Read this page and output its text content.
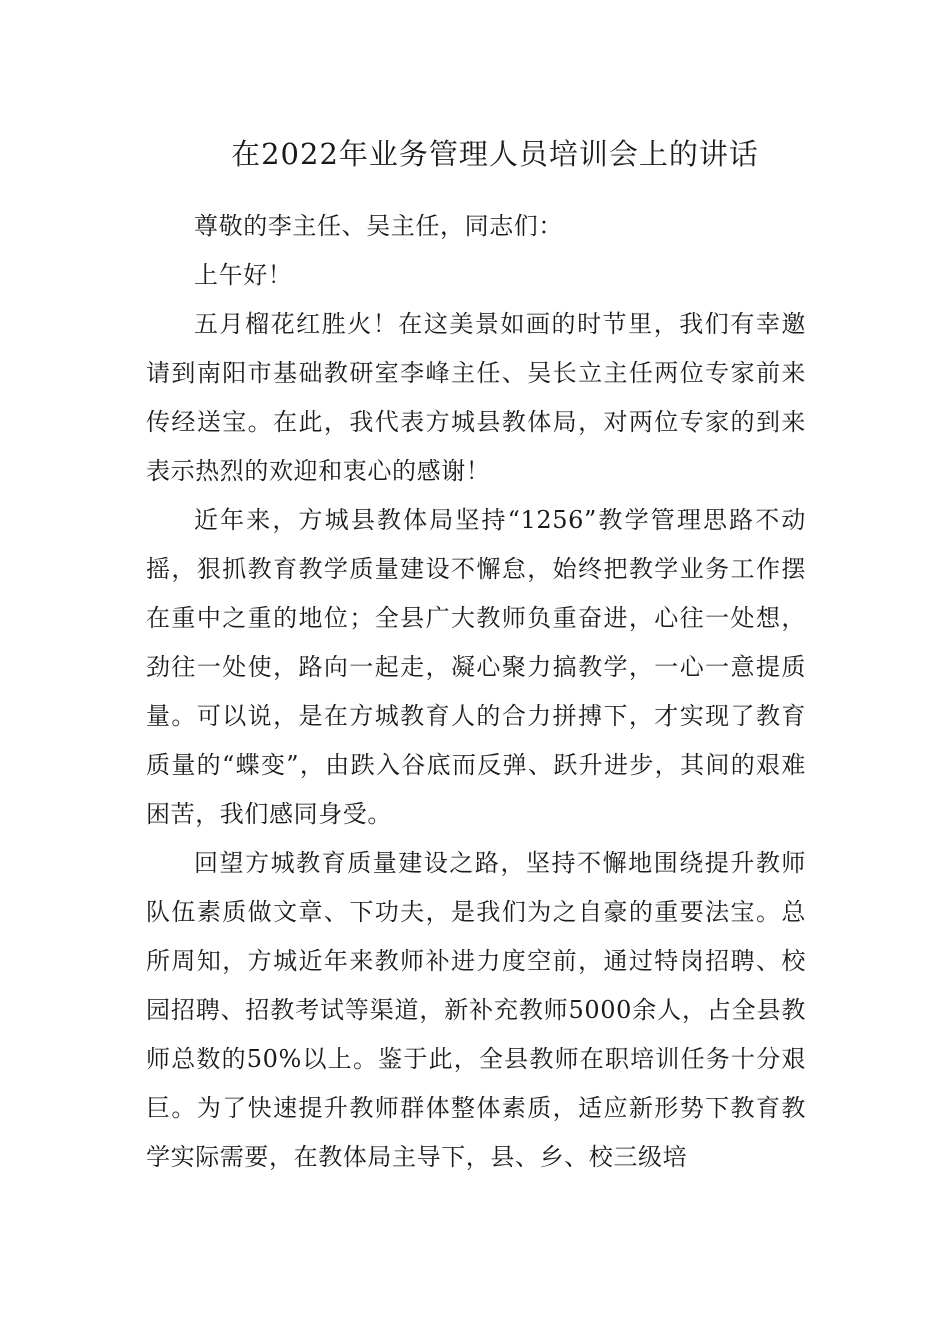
在2022年业务管理人员培训会上的讲话

尊敬的李主任、吴主任，同志们：

上午好！

五月榴花红胜火！在这美景如画的时节里，我们有幸邀请到南阳市基础教研室李峰主任、吴长立主任两位专家前来传经送宝。在此，我代表方城县教体局，对两位专家的到来表示热烈的欢迎和衷心的感谢！

近年来，方城县教体局坚持“1256”教学管理思路不动摇，狠抓教育教学质量建设不懈怠，始终把教学业务工作摆在重中之重的地位；全县广大教师负重奋进，心往一处想，劲往一处使，路向一起走，凝心聚力搞教学，一心一意提质量。可以说，是在方城教育人的合力拼搏下，才实现了教育质量的“蝶变”，由跌入谷底而反弹、跃升进步，其间的艰难困苦，我们感同身受。

回望方城教育质量建设之路，坚持不懈地围绕提升教师队伍素质做文章、下功夫，是我们为之自豪的重要法宝。总所周知，方城近年来教师补进力度空前，通过特岗招聘、校园招聘、招教考试等渠道，新补充教师5000余人，占全县教师总数的50%以上。鉴于此，全县教师在职培训任务十分艰巨。为了快速提升教师群体整体素质，适应新形势下教育教学实际需要，在教体局主导下，县、乡、校三级培
